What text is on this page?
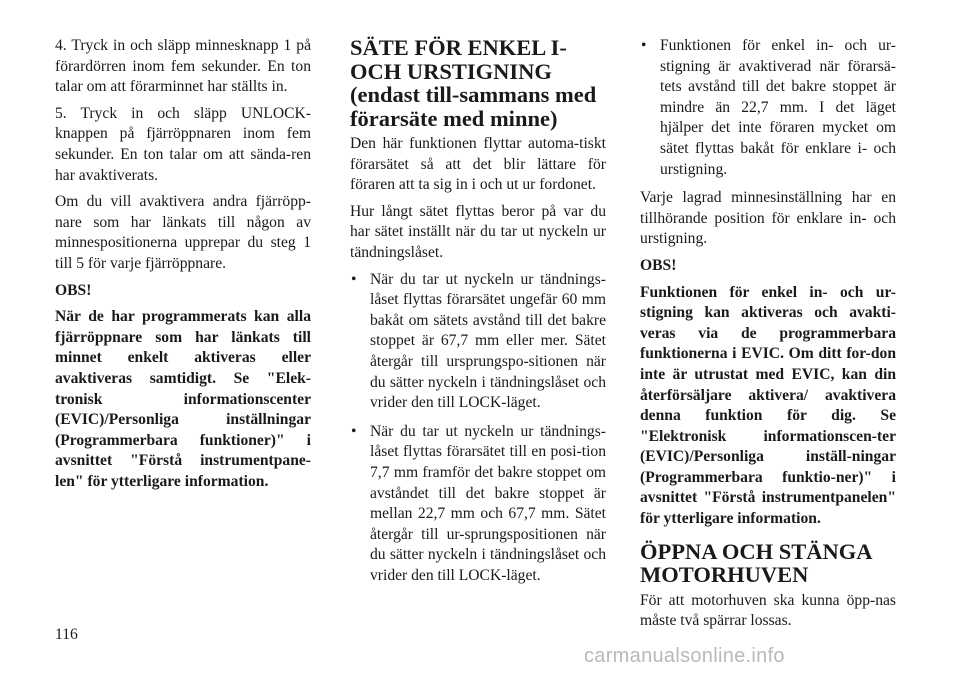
4. Tryck in och släpp minnesknapp 1 på förardörren inom fem sekunder. En ton talar om att förarminnet har ställts in.

5. Tryck in och släpp UNLOCK-knappen på fjärröppnaren inom fem sekunder. En ton talar om att sända-ren har avaktiverats.

Om du vill avaktivera andra fjärröpp-nare som har länkats till någon av minnespositionerna upprepar du steg 1 till 5 för varje fjärröppnare.

OBS!

När de har programmerats kan alla fjärröppnare som har länkats till minnet enkelt aktiveras eller avaktiveras samtidigt. Se "Elek-tronisk informationscenter (EVIC)/Personliga inställningar (Programmerbara funktioner)" i avsnittet "Förstå instrumentpane-len" för ytterligare information.

SÄTE FÖR ENKEL I- OCH URSTIGNING (endast till-sammans med förarsäte med minne)

Den här funktionen flyttar automa-tiskt förarsätet så att det blir lättare för föraren att ta sig in i och ut ur fordonet.

Hur långt sätet flyttas beror på var du har sätet inställt när du tar ut nyckeln ur tändningslåset.

• När du tar ut nyckeln ur tändnings-låset flyttas förarsätet ungefär 60 mm bakåt om sätets avstånd till det bakre stoppet är 67,7 mm eller mer. Sätet återgår till ursprungspo-sitionen när du sätter nyckeln i tändningslåset och vrider den till LOCK-läget.
• När du tar ut nyckeln ur tändnings-låset flyttas förarsätet till en posi-tion 7,7 mm framför det bakre stoppet om avståndet till det bakre stoppet är mellan 22,7 mm och 67,7 mm. Sätet återgår till ur-sprungspositionen när du sätter nyckeln i tändningslåset och vrider den till LOCK-läget.
• Funktionen för enkel in- och ur-stigning är avaktiverad när förarsä-tets avstånd till det bakre stoppet är mindre än 22,7 mm. I det läget hjälper det inte föraren mycket om sätet flyttas bakåt för enklare i- och urstigning.

Varje lagrad minnesinställning har en tillhörande position för enklare in- och urstigning.

OBS!

Funktionen för enkel in- och ur-stigning kan aktiveras och avakti-veras via de programmerbara funktionerna i EVIC. Om ditt for-don inte är utrustat med EVIC, kan din återförsäljare aktivera/ avaktivera denna funktion för dig. Se "Elektronisk informationscen-ter (EVIC)/Personliga inställ-ningar (Programmerbara funktio-ner)" i avsnittet "Förstå instrumentpanelen" för ytterligare information.

ÖPPNA OCH STÄNGA MOTORHUVEN

För att motorhuven ska kunna öpp-nas måste två spärrar lossas.

116
carmanualsonline.info
